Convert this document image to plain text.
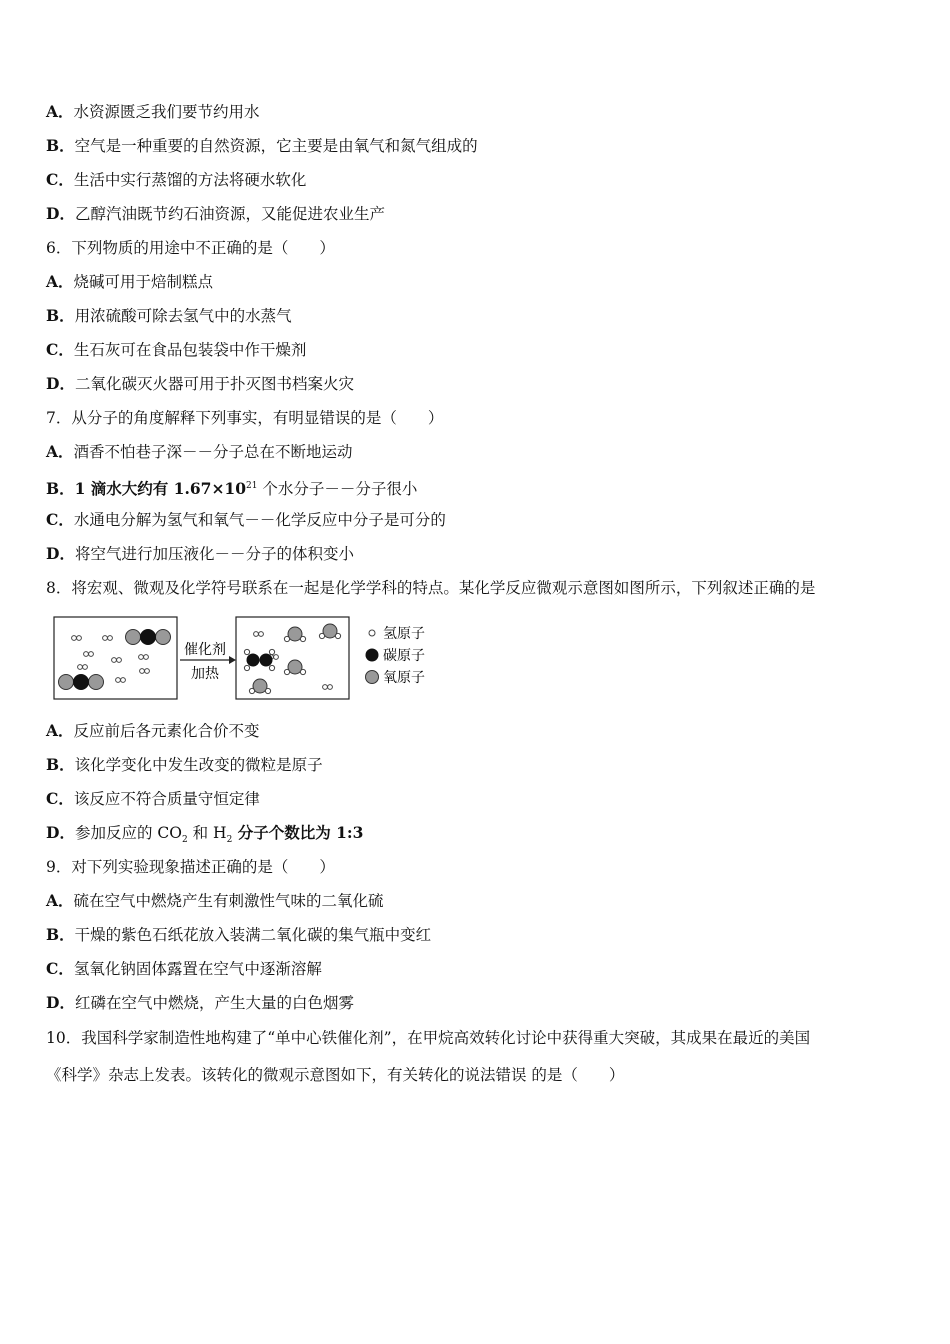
A．水资源匮乏我们要节约用水
B．空气是一种重要的自然资源，它主要是由氧气和氮气组成的
C．生活中实行蒸馏的方法将硬水软化
D．乙醇汽油既节约石油资源，又能促进农业生产
6．下列物质的用途中不正确的是（　　）
A．烧碱可用于焙制糕点
B．用浓硫酸可除去氢气中的水蒸气
C．生石灰可在食品包装袋中作干燥剂
D．二氧化碳灭火器可用于扑灭图书档案火灾
7．从分子的角度解释下列事实，有明显错误的是（　　）
A．酒香不怕巷子深－－分子总在不断地运动
B．1 滴水大约有 $1.67\times 10^{21}$ 个水分子－－分子很小
C．水通电分解为氢气和氧气－－化学反应中分子是可分的
D．将空气进行加压液化－－分子的体积变小
8．将宏观、微观及化学符号联系在一起是化学学科的特点。某化学反应微观示意图如图所示，下列叙述正确的是
催化剂
加热
氢原子
碳原子
氧原子
A．反应前后各元素化合价不变
B．该化学变化中发生改变的微粒是原子
C．该反应不符合质量守恒定律
D．参加反应的 $CO_2$ 和 $H_2$ 分子个数比为 1:3
9．对下列实验现象描述正确的是（　　）
A．硫在空气中燃烧产生有刺激性气味的二氧化硫
B．干燥的紫色石纸花放入装满二氧化碳的集气瓶中变红
C．氢氧化钠固体露置在空气中逐渐溶解
D．红磷在空气中燃烧，产生大量的白色烟雾
10．我国科学家制造性地构建了“单中心铁催化剂”，在甲烷高效转化讨论中获得重大突破，其成果在最近的美国
《科学》杂志上发表。该转化的微观示意图如下，有关转化的说法错误 的是（　　）
